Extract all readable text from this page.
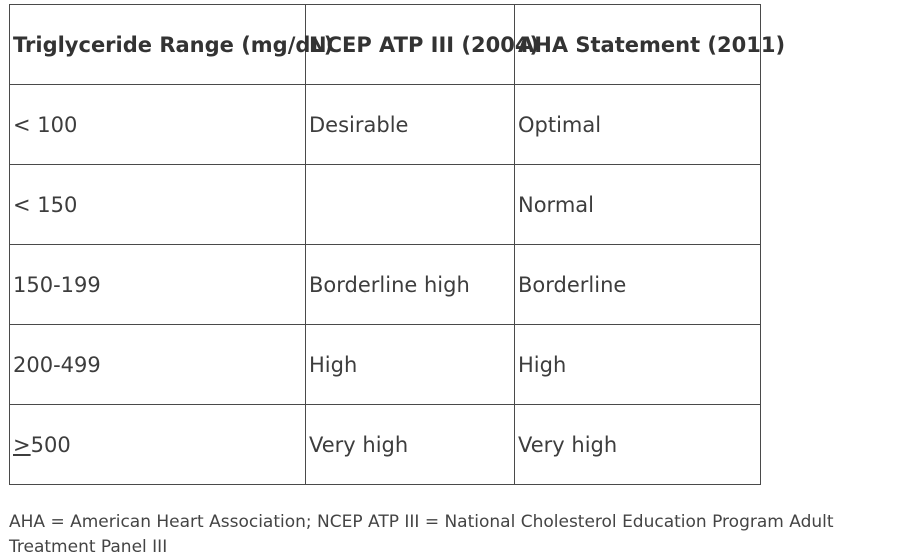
Triglyceride Range (mg/dL)	NCEP ATP III (2004)	AHA Statement (2011)
< 100	Desirable	Optimal
< 150		Normal
150-199	Borderline high	Borderline
200-499	High	High
≥500	Very high	Very high

AHA = American Heart Association; NCEP ATP III = National Cholesterol Education Program Adult Treatment Panel III
